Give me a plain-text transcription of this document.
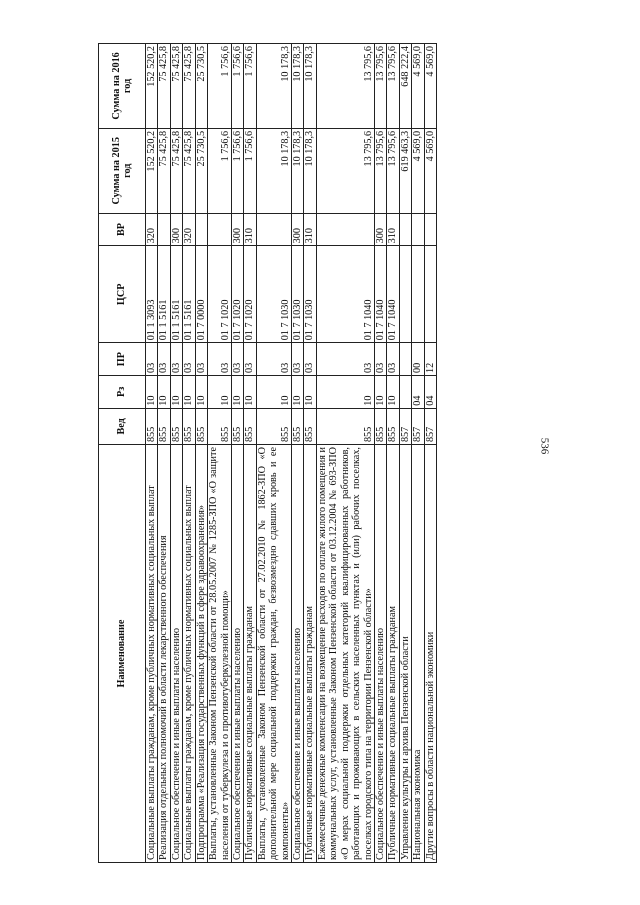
536
Наименование	Вед	Рз	ПР	ЦСР	ВР	Сумма на 2015 год	Сумма на 2016 год
Социальные выплаты гражданам, кроме публичных нормативных социальных выплат	855	10	03	01 1 3093	320	152 520,2	152 520,2
Реализация отдельных полномочий в области лекарственного обеспечения	855	10	03	01 1 5161		75 425,8	75 425,8
Социальное обеспечение и иные выплаты населению	855	10	03	01 1 5161	300	75 425,8	75 425,8
Социальные выплаты гражданам, кроме публичных нормативных социальных выплат	855	10	03	01 1 5161	320	75 425,8	75 425,8
Подпрограмма «Реализация государственных функций в сфере здравоохранения»	855	10	03	01 7 0000		25 730,5	25 730,5
Выплаты, установленные Законом Пензенской области от 28.05.2007 № 1285-ЗПО «О защите населения от туберкулеза и о противотуберкулезной помощи»	855	10	03	01 7 1020		1 756,6	1 756,6
Социальное обеспечение и иные выплаты населению	855	10	03	01 7 1020	300	1 756,6	1 756,6
Публичные нормативные социальные выплаты гражданам	855	10	03	01 7 1020	310	1 756,6	1 756,6
Выплаты, установленные Законом Пензенской области от 27.02.2010 № 1862-ЗПО «О дополнительной мере социальной поддержки граждан, безвозмездно сдавших кровь и ее компоненты»	855	10	03	01 7 1030		10 178,3	10 178,3
Социальное обеспечение и иные выплаты населению	855	10	03	01 7 1030	300	10 178,3	10 178,3
Публичные нормативные социальные выплаты гражданам	855	10	03	01 7 1030	310	10 178,3	10 178,3
Ежемесячные денежные компенсации на возмещение расходов по оплате жилого помещения и коммунальных услуг, установленные Законом Пензенской области от 03.12.2004 № 693-ЗПО «О мерах социальной поддержки отдельных категорий квалифицированных работников, работающих и проживающих в сельских населенных пунктах и (или) рабочих поселках, поселках городского типа на территории Пензенской области»	855	10	03	01 7 1040		13 795,6	13 795,6
Социальное обеспечение и иные выплаты населению	855	10	03	01 7 1040	300	13 795,6	13 795,6
Публичные нормативные социальные выплаты гражданам	855	10	03	01 7 1040	310	13 795,6	13 795,6
Управление культуры и архива Пензенской области	857					619 463,3	648 222,4
Национальная экономика	857	04	00			4 569,0	4 569,0
Другие вопросы в области национальной экономики	857	04	12			4 569,0	4 569,0
